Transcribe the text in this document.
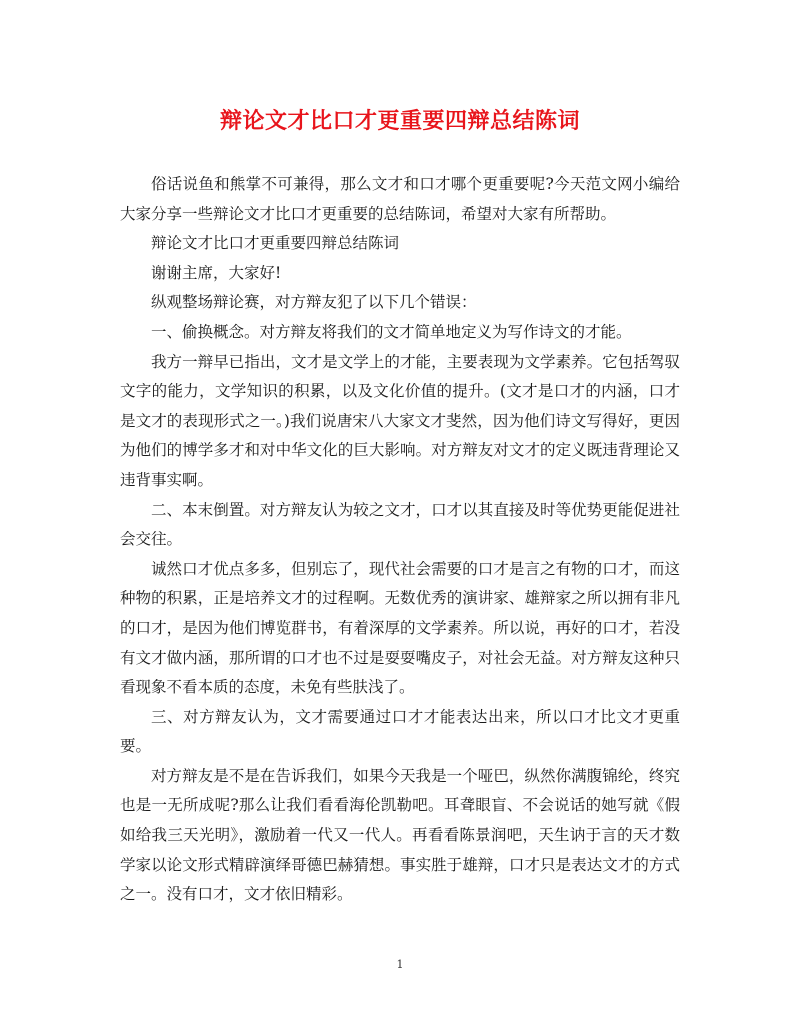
辩论文才比口才更重要四辩总结陈词

俗话说鱼和熊掌不可兼得，那么文才和口才哪个更重要呢?今天范文网小编给大家分享一些辩论文才比口才更重要的总结陈词，希望对大家有所帮助。

辩论文才比口才更重要四辩总结陈词

谢谢主席，大家好!

纵观整场辩论赛，对方辩友犯了以下几个错误：

一、偷换概念。对方辩友将我们的文才简单地定义为写作诗文的才能。

我方一辩早已指出，文才是文学上的才能，主要表现为文学素养。它包括驾驭文字的能力，文学知识的积累，以及文化价值的提升。(文才是口才的内涵，口才是文才的表现形式之一。)我们说唐宋八大家文才斐然，因为他们诗文写得好，更因为他们的博学多才和对中华文化的巨大影响。对方辩友对文才的定义既违背理论又违背事实啊。

二、本末倒置。对方辩友认为较之文才，口才以其直接及时等优势更能促进社会交往。

诚然口才优点多多，但别忘了，现代社会需要的口才是言之有物的口才，而这种物的积累，正是培养文才的过程啊。无数优秀的演讲家、雄辩家之所以拥有非凡的口才，是因为他们博览群书，有着深厚的文学素养。所以说，再好的口才，若没有文才做内涵，那所谓的口才也不过是耍耍嘴皮子，对社会无益。对方辩友这种只看现象不看本质的态度，未免有些肤浅了。

三、对方辩友认为，文才需要通过口才才能表达出来，所以口才比文才更重要。

对方辩友是不是在告诉我们，如果今天我是一个哑巴，纵然你满腹锦纶，终究也是一无所成呢?那么让我们看看海伦凯勒吧。耳聋眼盲、不会说话的她写就《假如给我三天光明》，激励着一代又一代人。再看看陈景润吧，天生讷于言的天才数学家以论文形式精辟演绎哥德巴赫猜想。事实胜于雄辩，口才只是表达文才的方式之一。没有口才，文才依旧精彩。

1
